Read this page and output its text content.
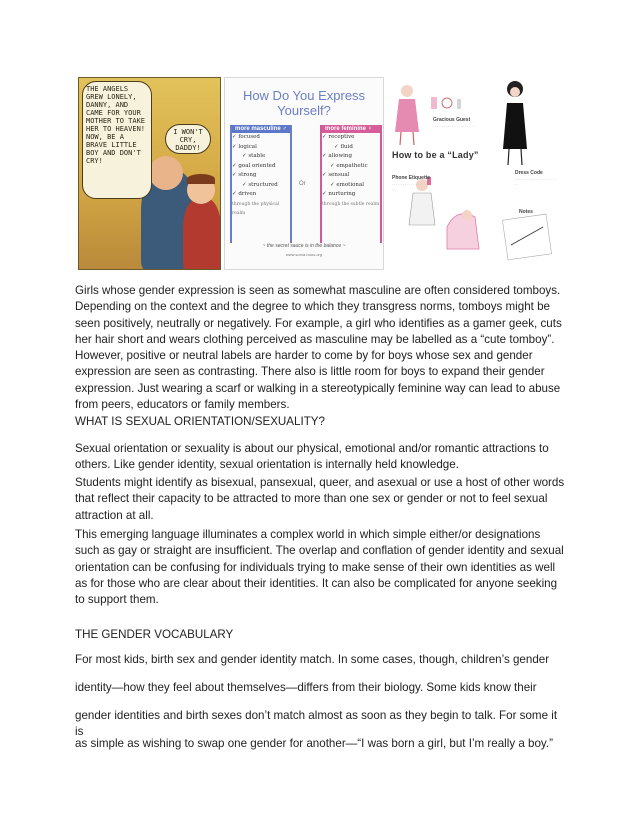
THE ANGELS GREW LONELY, DANNY, AND CAME FOR YOUR MOTHER TO TAKE HER TO HEAVEN! NOW, BE A BRAVE LITTLE BOY AND DON'T CRY!
I WON'T CRY, DADDY!
How Do You Express Yourself?
more masculine ♂
✓ focused
✓ logical
✓ stable
✓ goal oriented
✓ strong
✓ structured
✓ driven
through the physical realm
Or
more feminine ♀
✓ receptive
✓ fluid
✓ allowing
✓ empathetic
✓ sensual
✓ emotional
✓ nurturing
through the subtle realm
~ the secret sauce is in the balance ~
www.soma-hous.org
Gracious Guest
· · · · · · · · · · · · · · · · · · · ·
How to be a “Lady”
Dress Code
· · · · · · · · · · · · · · · · · · · · · ·
Phone Etiquette
· · · · · · · · · · · · · · · ·
Notes

Girls whose gender expression is seen as somewhat masculine are often considered tomboys. Depending on the context and the degree to which they transgress norms, tomboys might be seen positively, neutrally or negatively. For example, a girl who identifies as a gamer geek, cuts her hair short and wears clothing perceived as masculine may be labelled as a “cute tomboy”.

However, positive or neutral labels are harder to come by for boys whose sex and gender expression are seen as contrasting. There also is little room for boys to expand their gender expression. Just wearing a scarf or walking in a stereotypically feminine way can lead to abuse from peers, educators or family members.

WHAT IS SEXUAL ORIENTATION/SEXUALITY?

Sexual orientation or sexuality is about our physical, emotional and/or romantic attractions to others. Like gender identity, sexual orientation is internally held knowledge.

Students might identify as bisexual, pansexual, queer, and asexual or use a host of other words that reflect their capacity to be attracted to more than one sex or gender or not to feel sexual attraction at all.

This emerging language illuminates a complex world in which simple either/or designations such as gay or straight are insufficient. The overlap and conflation of gender identity and sexual orientation can be confusing for individuals trying to make sense of their own identities as well as for those who are clear about their identities. It can also be complicated for anyone seeking to support them.

THE GENDER VOCABULARY

For most kids, birth sex and gender identity match. In some cases, though, children’s gender

identity—how they feel about themselves—differs from their biology. Some kids know their

gender identities and birth sexes don’t match almost as soon as they begin to talk. For some it is

as simple as wishing to swap one gender for another—“I was born a girl, but I’m really a boy.”
